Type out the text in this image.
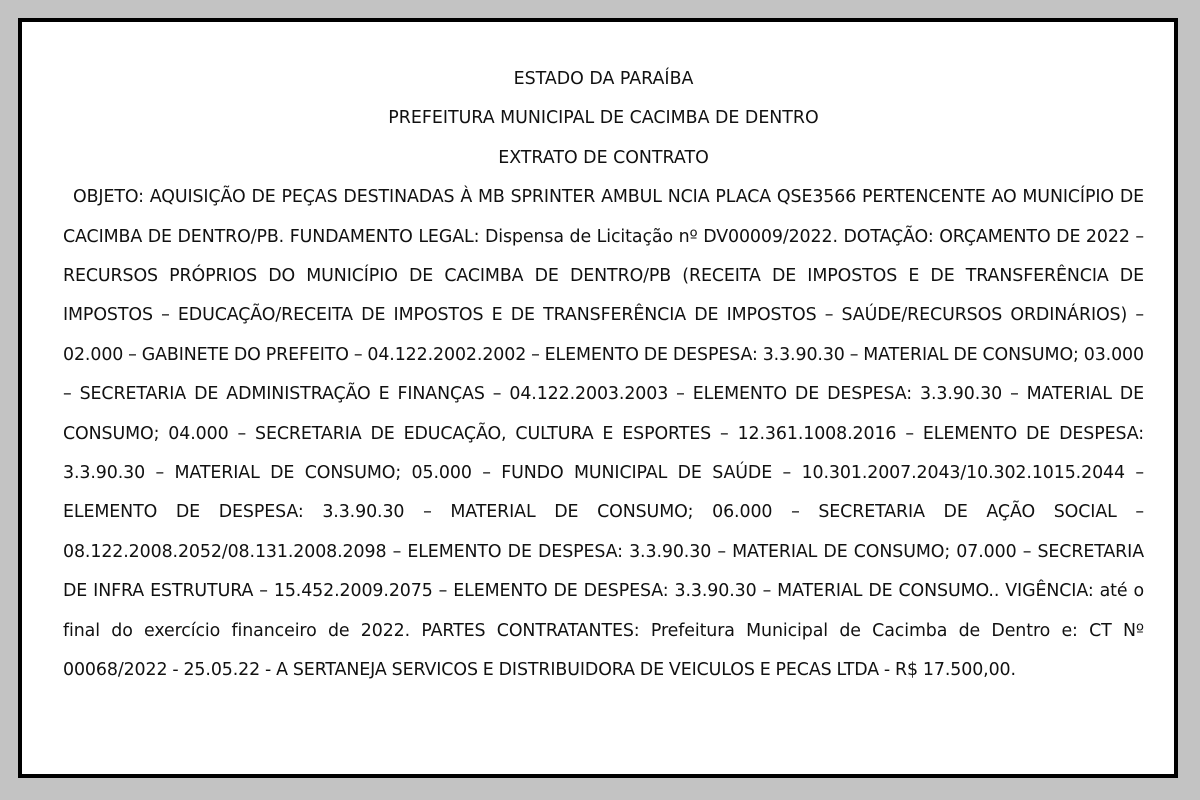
ESTADO DA PARAÍBA

PREFEITURA MUNICIPAL DE CACIMBA DE DENTRO

EXTRATO DE CONTRATO

OBJETO: AQUISIÇÃO DE PEÇAS DESTINADAS À MB SPRINTER AMBUL NCIA PLACA QSE3566 PERTENCENTE AO MUNICÍPIO DE CACIMBA DE DENTRO/PB. FUNDAMENTO LEGAL: Dispensa de Licitação nº DV00009/2022. DOTAÇÃO: ORÇAMENTO DE 2022 – RECURSOS PRÓPRIOS DO MUNICÍPIO DE CACIMBA DE DENTRO/PB (RECEITA DE IMPOSTOS E DE TRANSFERÊNCIA DE IMPOSTOS – EDUCAÇÃO/RECEITA DE IMPOSTOS E DE TRANSFERÊNCIA DE IMPOSTOS – SAÚDE/RECURSOS ORDINÁRIOS) – 02.000 – GABINETE DO PREFEITO – 04.122.2002.2002 – ELEMENTO DE DESPESA: 3.3.90.30 – MATERIAL DE CONSUMO; 03.000 – SECRETARIA DE ADMINISTRAÇÃO E FINANÇAS – 04.122.2003.2003 – ELEMENTO DE DESPESA: 3.3.90.30 – MATERIAL DE CONSUMO; 04.000 – SECRETARIA DE EDUCAÇÃO, CULTURA E ESPORTES – 12.361.1008.2016 – ELEMENTO DE DESPESA: 3.3.90.30 – MATERIAL DE CONSUMO; 05.000 – FUNDO MUNICIPAL DE SAÚDE – 10.301.2007.2043/10.302.1015.2044 – ELEMENTO DE DESPESA: 3.3.90.30 – MATERIAL DE CONSUMO; 06.000 – SECRETARIA DE AÇÃO SOCIAL – 08.122.2008.2052/08.131.2008.2098 – ELEMENTO DE DESPESA: 3.3.90.30 – MATERIAL DE CONSUMO; 07.000 – SECRETARIA DE INFRA ESTRUTURA – 15.452.2009.2075 – ELEMENTO DE DESPESA: 3.3.90.30 – MATERIAL DE CONSUMO.. VIGÊNCIA: até o final do exercício financeiro de 2022. PARTES CONTRATANTES: Prefeitura Municipal de Cacimba de Dentro e: CT Nº 00068/2022 - 25.05.22 - A SERTANEJA SERVICOS E DISTRIBUIDORA DE VEICULOS E PECAS LTDA - R$ 17.500,00.
